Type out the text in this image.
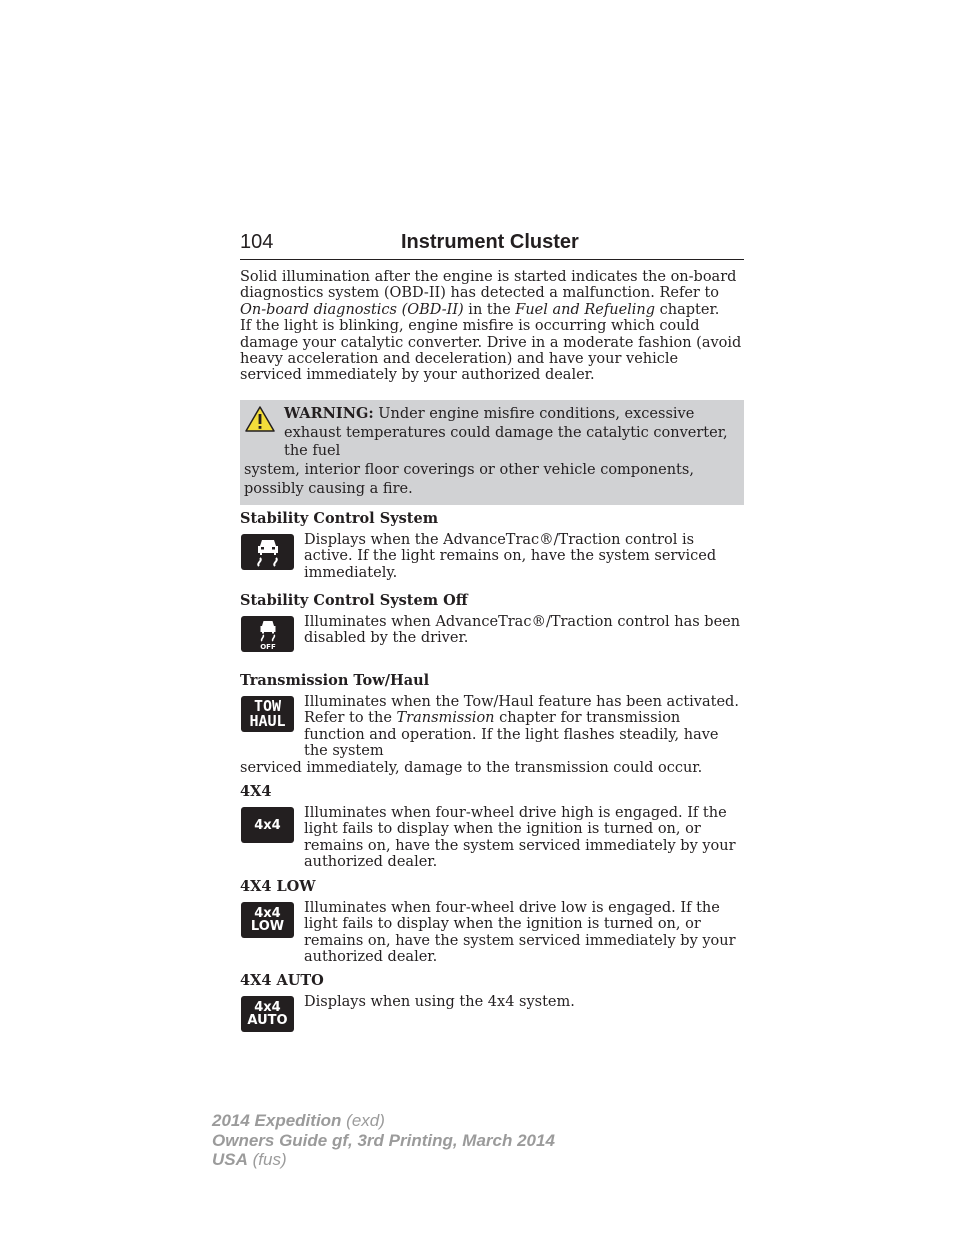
104	Instrument Cluster

Solid illumination after the engine is started indicates the on-board diagnostics system (OBD-II) has detected a malfunction. Refer to On-board diagnostics (OBD-II) in the Fuel and Refueling chapter.
If the light is blinking, engine misfire is occurring which could damage your catalytic converter. Drive in a moderate fashion (avoid heavy acceleration and deceleration) and have your vehicle serviced immediately by your authorized dealer.

WARNING: Under engine misfire conditions, excessive exhaust temperatures could damage the catalytic converter, the fuel
system, interior floor coverings or other vehicle components, possibly causing a fire.

Stability Control System

Displays when the AdvanceTrac®/Traction control is active. If the light remains on, have the system serviced immediately.

Stability Control System Off

OFF
Illuminates when AdvanceTrac®/Traction control has been disabled by the driver.

Transmission Tow/Haul

TOW
HAUL
Illuminates when the Tow/Haul feature has been activated. Refer to the Transmission chapter for transmission function and operation. If the light flashes steadily, have the system
serviced immediately, damage to the transmission could occur.

4X4

4x4
Illuminates when four-wheel drive high is engaged. If the light fails to display when the ignition is turned on, or remains on, have the system serviced immediately by your authorized dealer.

4X4 LOW

4x4
LOW
Illuminates when four-wheel drive low is engaged. If the light fails to display when the ignition is turned on, or remains on, have the system serviced immediately by your authorized dealer.

4X4 AUTO

4x4
AUTO
Displays when using the 4x4 system.
2014 Expedition (exd)
Owners Guide gf, 3rd Printing, March 2014
USA (fus)
